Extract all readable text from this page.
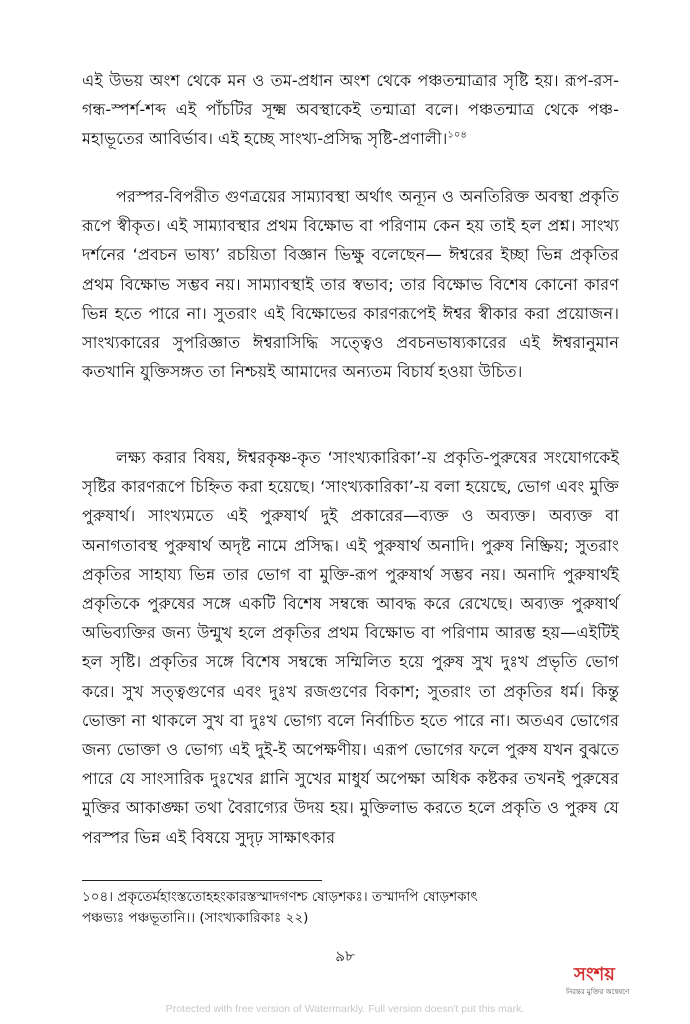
এই উভয় অংশ থেকে মন ও তম-প্রধান অংশ থেকে পঞ্চতন্মাত্রার সৃষ্টি হয়। রূপ-রস-গন্ধ-স্পর্শ-শব্দ এই পাঁচটির সূক্ষ্ম অবস্থাকেই তন্মাত্রা বলে। পঞ্চতন্মাত্র থেকে পঞ্চ-মহাভূতের আবির্ভাব। এই হচ্ছে সাংখ্য-প্রসিদ্ধ সৃষ্টি-প্রণালী।$^{১০৪}$

পরস্পর-বিপরীত গুণত্রয়ের সাম্যাবস্থা অর্থাৎ অন্যূন ও অনতিরিক্ত অবস্থা প্রকৃতি রূপে স্বীকৃত। এই সাম্যাবস্থার প্রথম বিক্ষোভ বা পরিণাম কেন হয় তাই হল প্রশ্ন। সাংখ্য দর্শনের ‘প্রবচন ভাষ্য’ রচয়িতা বিজ্ঞান ভিক্ষু বলেছেন— ঈশ্বরের ইচ্ছা ভিন্ন প্রকৃতির প্রথম বিক্ষোভ সম্ভব নয়। সাম্যাবস্থাই তার স্বভাব; তার বিক্ষোভ বিশেষ কোনো কারণ ভিন্ন হতে পারে না। সুতরাং এই বিক্ষোভের কারণরূপেই ঈশ্বর স্বীকার করা প্রয়োজন। সাংখ্যকারের সুপরিজ্ঞাত ঈশ্বরাসিদ্ধি সত্ত্বেও প্রবচনভাষ্যকারের এই ঈশ্বরানুমান কতখানি যুক্তিসঙ্গত তা নিশ্চয়ই আমাদের অন্যতম বিচার্য হওয়া উচিত।

লক্ষ্য করার বিষয়, ঈশ্বরকৃষ্ণ-কৃত ‘সাংখ্যকারিকা’-য় প্রকৃতি-পুরুষের সংযোগকেই সৃষ্টির কারণরূপে চিহ্নিত করা হয়েছে। ‘সাংখ্যকারিকা’-য় বলা হয়েছে, ভোগ এবং মুক্তি পুরুষার্থ। সাংখ্যমতে এই পুরুষার্থ দুই প্রকারের—ব্যক্ত ও অব্যক্ত। অব্যক্ত বা অনাগতাবস্থ পুরুষার্থ অদৃষ্ট নামে প্রসিদ্ধ। এই পুরুষার্থ অনাদি। পুরুষ নিষ্ক্রিয়; সুতরাং প্রকৃতির সাহায্য ভিন্ন তার ভোগ বা মুক্তি-রূপ পুরুষার্থ সম্ভব নয়। অনাদি পুরুষার্থই প্রকৃতিকে পুরুষের সঙ্গে একটি বিশেষ সম্বন্ধে আবদ্ধ করে রেখেছে। অব্যক্ত পুরুষার্থ অভিব্যক্তির জন্য উন্মুখ হলে প্রকৃতির প্রথম বিক্ষোভ বা পরিণাম আরম্ভ হয়—এইটিই হল সৃষ্টি। প্রকৃতির সঙ্গে বিশেষ সম্বন্ধে সম্মিলিত হয়ে পুরুষ সুখ দুঃখ প্রভৃতি ভোগ করে। সুখ সত্ত্বগুণের এবং দুঃখ রজগুণের বিকাশ; সুতরাং তা প্রকৃতির ধর্ম। কিন্তু ভোক্তা না থাকলে সুখ বা দুঃখ ভোগ্য বলে নির্বাচিত হতে পারে না। অতএব ভোগের জন্য ভোক্তা ও ভোগ্য এই দুই-ই অপেক্ষণীয়। এরূপ ভোগের ফলে পুরুষ যখন বুঝতে পারে যে সাংসারিক দুঃখের গ্লানি সুখের মাধুর্য অপেক্ষা অধিক কষ্টকর তখনই পুরুষের মুক্তির আকাঙ্ক্ষা তথা বৈরাগ্যের উদয় হয়। মুক্তিলাভ করতে হলে প্রকৃতি ও পুরুষ যে পরস্পর ভিন্ন এই বিষয়ে সুদৃঢ় সাক্ষাৎকার

১০৪। প্রকৃতের্মহাংস্ততোহহংকারস্তস্মাদগণশ্চ ষোড়শকঃ। তস্মাদপি ষোড়শকাৎ
পঞ্চভ্যঃ পঞ্চভূতানি।। (সাংখ্যকারিকাঃ ২২)

৯৮
সংশয়
নিরন্তর মুক্তির অন্বেষণে
Protected with free version of Watermarkly. Full version doesn't put this mark.
